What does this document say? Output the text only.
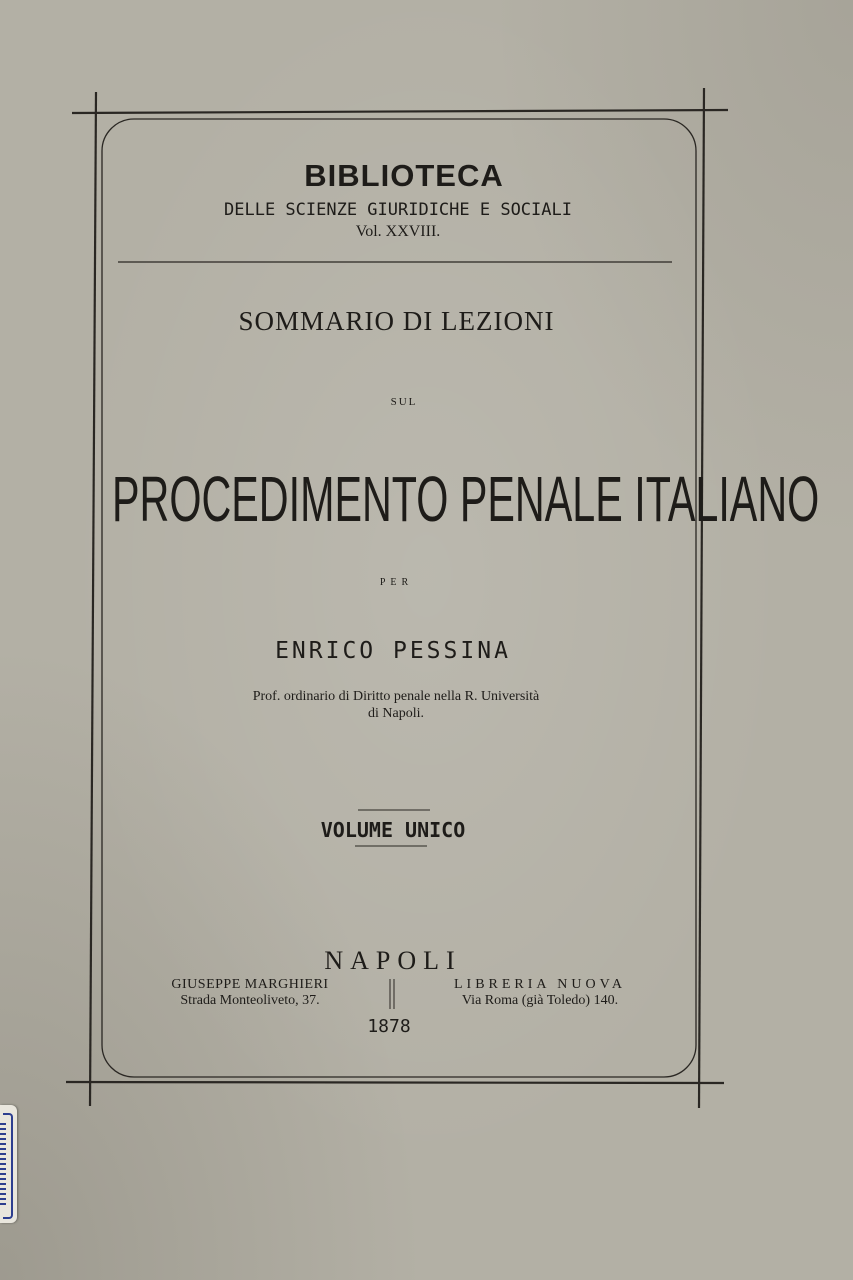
BIBLIOTECA
DELLE SCIENZE GIURIDICHE E SOCIALI
Vol. XXVIII.
SOMMARIO DI LEZIONI
SUL
PROCEDIMENTO PENALE ITALIANO
PER
ENRICO PESSINA
Prof. ordinario di Diritto penale nella R. Università
di Napoli.
VOLUME UNICO
NAPOLI
GIUSEPPE MARGHIERI
Strada Monteoliveto, 37.
LIBRERIA NUOVA
Via Roma (già Toledo) 140.
1878
